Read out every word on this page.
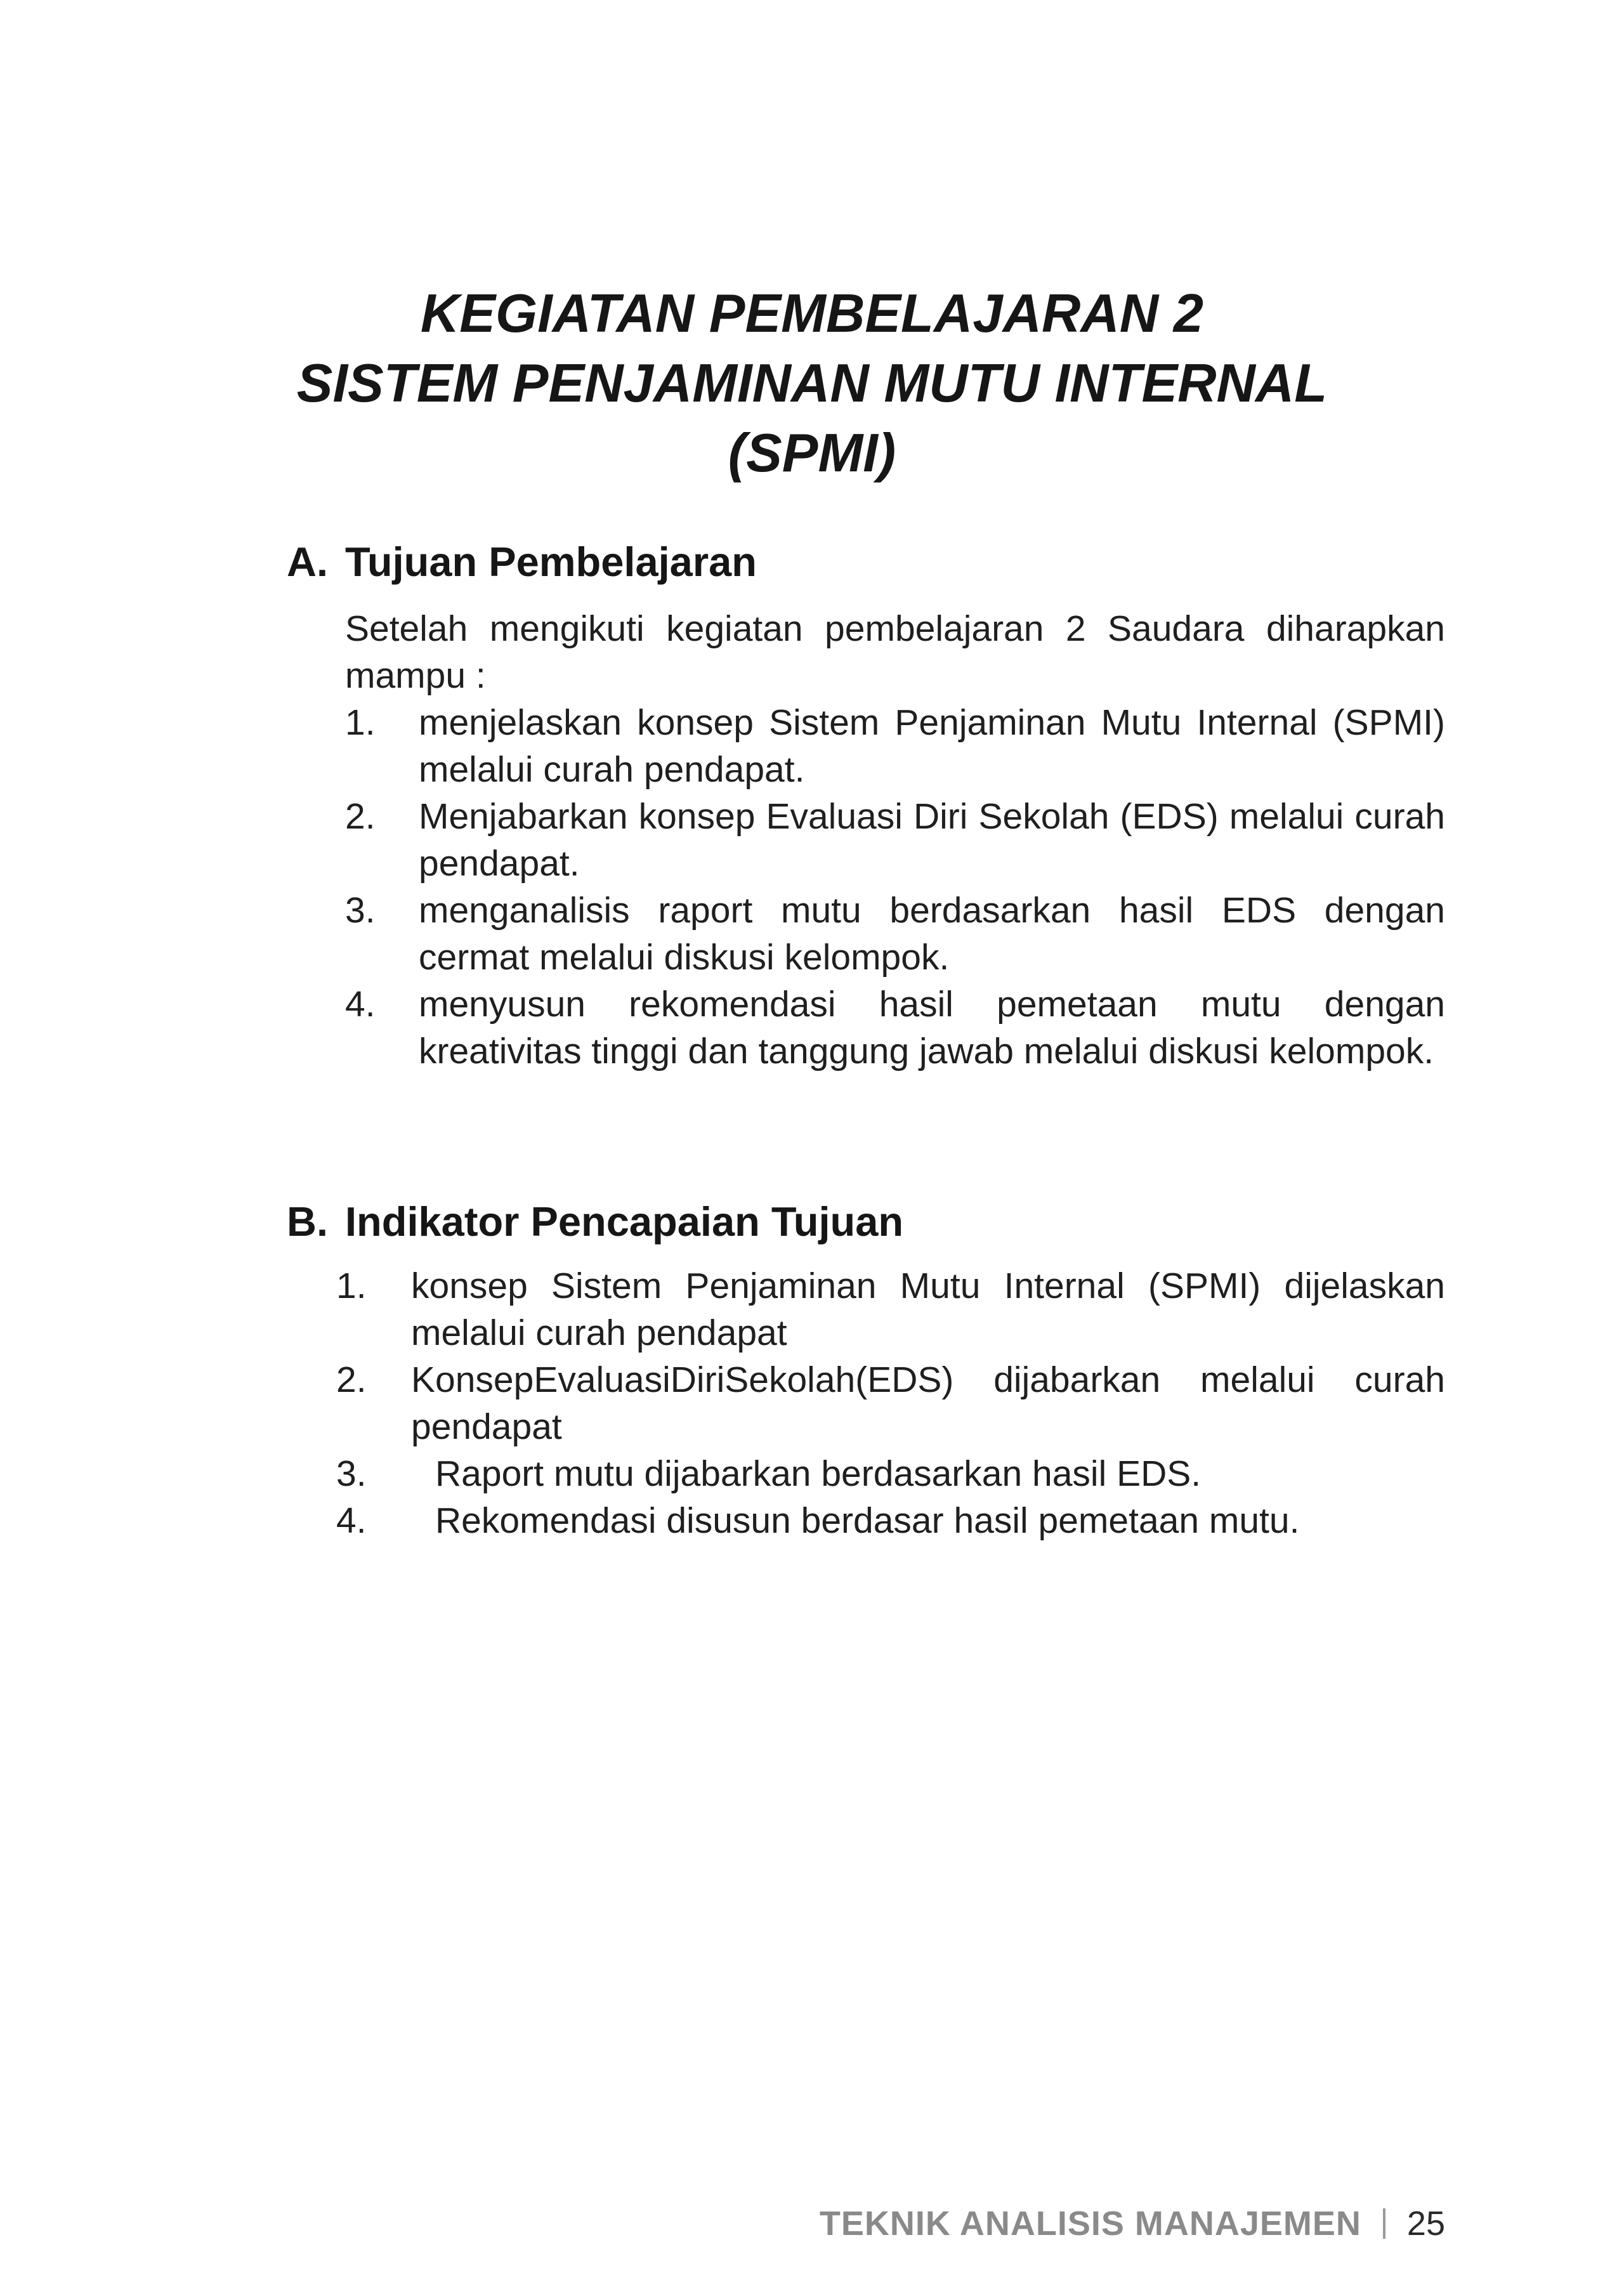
KEGIATAN PEMBELAJARAN 2
SISTEM PENJAMINAN MUTU INTERNAL
(SPMI)
A. Tujuan Pembelajaran
Setelah mengikuti kegiatan pembelajaran 2 Saudara diharapkan mampu :
1. menjelaskan konsep Sistem Penjaminan Mutu Internal (SPMI) melalui curah pendapat.
2. Menjabarkan konsep Evaluasi Diri Sekolah (EDS) melalui curah pendapat.
3. menganalisis raport mutu berdasarkan hasil EDS dengan cermat melalui diskusi kelompok.
4. menyusun rekomendasi hasil pemetaan mutu dengan kreativitas tinggi dan tanggung jawab melalui diskusi kelompok.
B. Indikator Pencapaian Tujuan
1. konsep Sistem Penjaminan Mutu Internal (SPMI) dijelaskan melalui curah pendapat
2. KonsepEvaluasiDiriSekolah(EDS) dijabarkan melalui curah pendapat
3. Raport mutu dijabarkan berdasarkan hasil EDS.
4. Rekomendasi disusun berdasar hasil pemetaan mutu.
TEKNIK ANALISIS MANAJEMEN 25
